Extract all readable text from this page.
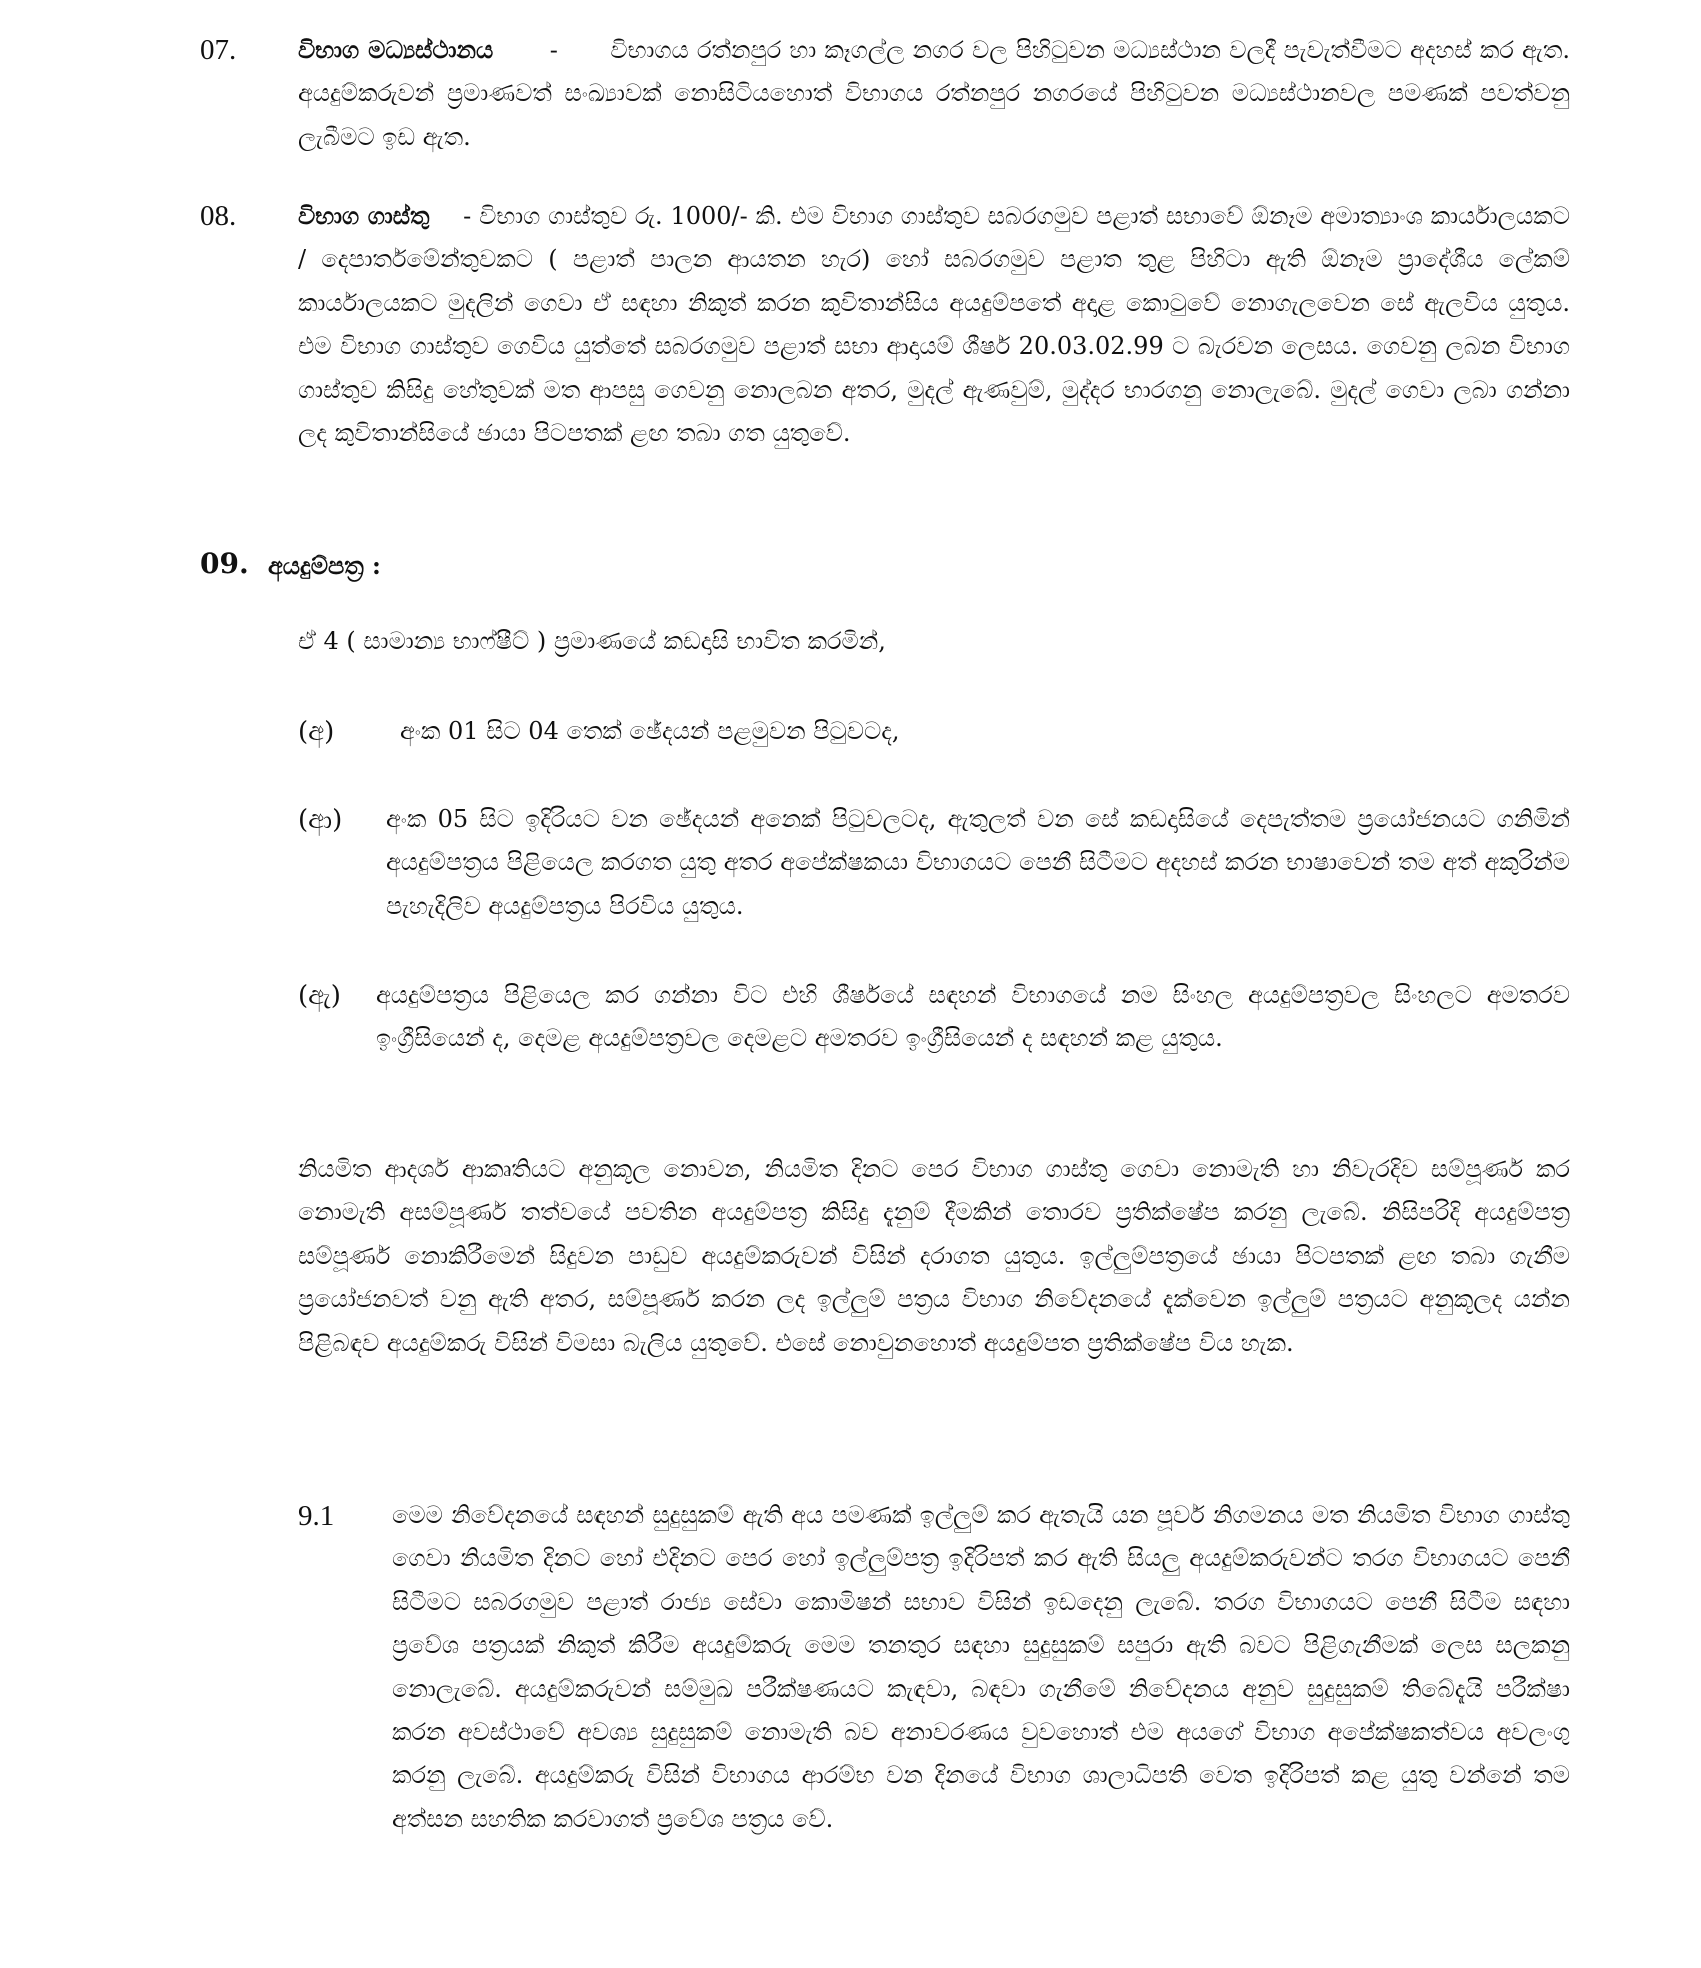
07.	විභාග මධ්‍යස්ථානය - විභාගය රත්නපුර හා කෑගල්ල නගර වල පිහිටුවන මධ්‍යස්ථාන වලදී පැවැත්වීමට අදහස් කර ඇත. අයදුම්කරුවන් ප්‍රමාණවත් සංඛ්‍යාවක් නොසිටියහොත් විභාගය රත්නපුර නගරයේ පිහිටුවන මධ්‍යස්ථානවල පමණක් පවත්වනු ලැබීමට ඉඩ ඇත.
08.	විභාග ගාස්තු - විභාග ගාස්තුව රු. 1000/- කි. එම විභාග ගාස්තුව සබරගමුව පළාත් සභාවේ ඕනෑම අමාත්‍යාංශ කාර්යාලයකට / දෙපාර්තමේන්තුවකට ( පළාත් පාලන ආයතන හැර) හෝ සබරගමුව පළාත තුළ පිහිටා ඇති ඕනෑම ප්‍රාදේශීය ලේකම් කාර්යාලයකට මුදලින් ගෙවා ඒ සඳහා නිකුත් කරන කුවිතාන්සිය අයදුම්පතේ අදාළ කොටුවේ නොගැලවෙන සේ ඇලවිය යුතුය. එම විභාග ගාස්තුව ගෙවිය යුත්තේ සබරගමුව පළාත් සභා ආදායම් ශීර්ෂ 20.03.02.99 ට බැරවන ලෙසය. ගෙවනු ලබන විභාග ගාස්තුව කිසිදු හේතුවක් මත ආපසු ගෙවනු නොලබන අතර, මුදල් ඇණවුම්, මුද්දර භාරගනු නොලැබේ. මුදල් ගෙවා ලබා ගන්නා ලද කුවිතාන්සියේ ඡායා පිටපතක් ළඟ තබා ගත යුතුවේ.
09. අයදුම්පත්‍ර :
ඒ 4 ( සාමාන්‍ය භාෆ්ෂීට් ) ප්‍රමාණයේ කඩදාසි භාවිත කරමින්,
(අ)	අංක 01 සිට 04 තෙක් ඡේදයන් පළමුවන පිටුවටද,
(ආ) අංක 05 සිට ඉදිරියට වන ඡේදයන් අනෙක් පිටුවලටද, ඇතුලත් වන සේ කඩදාසියේ දෙපැත්තම ප්‍රයෝජනයට ගනිමින් අයදුම්පත්‍රය පිළියෙල කරගත යුතු අතර අපේක්ෂකයා විභාගයට පෙනී සිටීමට අදහස් කරන භාෂාවෙන් තම අත් අකුරින්ම පැහැදිලිව අයදුම්පත්‍රය පිරවිය යුතුය.
(ඇ) අයදුම්පත්‍රය පිළියෙල කර ගන්නා විට එහි ශීර්ෂයේ සඳහන් විභාගයේ නම සිංහල අයදුම්පත්‍රවල සිංහලට අමතරව ඉංග්‍රීසියෙන් ද, දෙමළ අයදුම්පත්‍රවල දෙමළට අමතරව ඉංග්‍රීසියෙන් ද සඳහන් කළ යුතුය.
නියමිත ආදර්ශ ආකෘතියට අනුකූල නොවන, නියමිත දිනට පෙර විභාග ගාස්තු ගෙවා නොමැති හා නිවැරදිව සම්පූර්ණ කර නොමැති අසම්පූර්ණ තත්වයේ පවතින අයදුම්පත්‍ර කිසිදු දැනුම් දීමකින් තොරව ප්‍රතික්ෂේප කරනු ලැබේ. නිසිපරිදි අයදුම්පත්‍ර සම්පූර්ණ නොකිරීමෙන් සිදුවන පාඩුව අයදුම්කරුවන් විසින් දරාගත යුතුය. ඉල්ලුම්පත්‍රයේ ඡායා පිටපතක් ළඟ තබා ගැනීම ප්‍රයෝජනවත් වනු ඇති අතර, සම්පූර්ණ කරන ලද ඉල්ලුම් පත්‍රය විභාග නිවේදනයේ දැක්වෙන ඉල්ලුම් පත්‍රයට අනුකූලද යන්න පිළිබඳව අයදුම්කරු විසින් විමසා බැලිය යුතුවේ. එසේ නොවුනහොත් අයදුම්පත ප්‍රතික්ෂේප විය හැක.
9.1 මෙම නිවේදනයේ සඳහන් සුදුසුකම් ඇති අය පමණක් ඉල්ලුම් කර ඇතැයි යන පූර්ව නිගමනය මත නියමිත විභාග ගාස්තු ගෙවා නියමිත දිනට හෝ එදිනට පෙර හෝ ඉල්ලුම්පත්‍ර ඉදිරිපත් කර ඇති සියලු අයදුම්කරුවන්ට තරග විභාගයට පෙනී සිටීමට සබරගමුව පළාත් රාජ්‍ය සේවා කොමිෂන් සභාව විසින් ඉඩදෙනු ලැබේ. තරග විභාගයට පෙනී සිටීම සඳහා ප්‍රවේශ පත්‍රයක් නිකුත් කිරීම අයදුම්කරු මෙම තනතුර සඳහා සුදුසුකම් සපුරා ඇති බවට පිළිගැනීමක් ලෙස සලකනු නොලැබේ. අයදුම්කරුවන් සම්මුඛ පරීක්ෂණයට කැඳවා, බඳවා ගැනීමේ නිවේදනය අනුව සුදුසුකම් තිබේදැයි පරීක්ෂා කරන අවස්ථාවේ අවශ්‍ය සුදුසුකම් නොමැති බව අනාවරණය වුවහොත් එම අයගේ විභාග අපේක්ෂකත්වය අවලංගු කරනු ලැබේ. අයදුම්කරු විසින් විභාගය ආරම්භ වන දිනයේ විභාග ශාලාධිපති වෙත ඉදිරිපත් කළ යුතු වන්නේ තම අත්සන සහතික කරවාගත් ප්‍රවේශ පත්‍රය වේ.
